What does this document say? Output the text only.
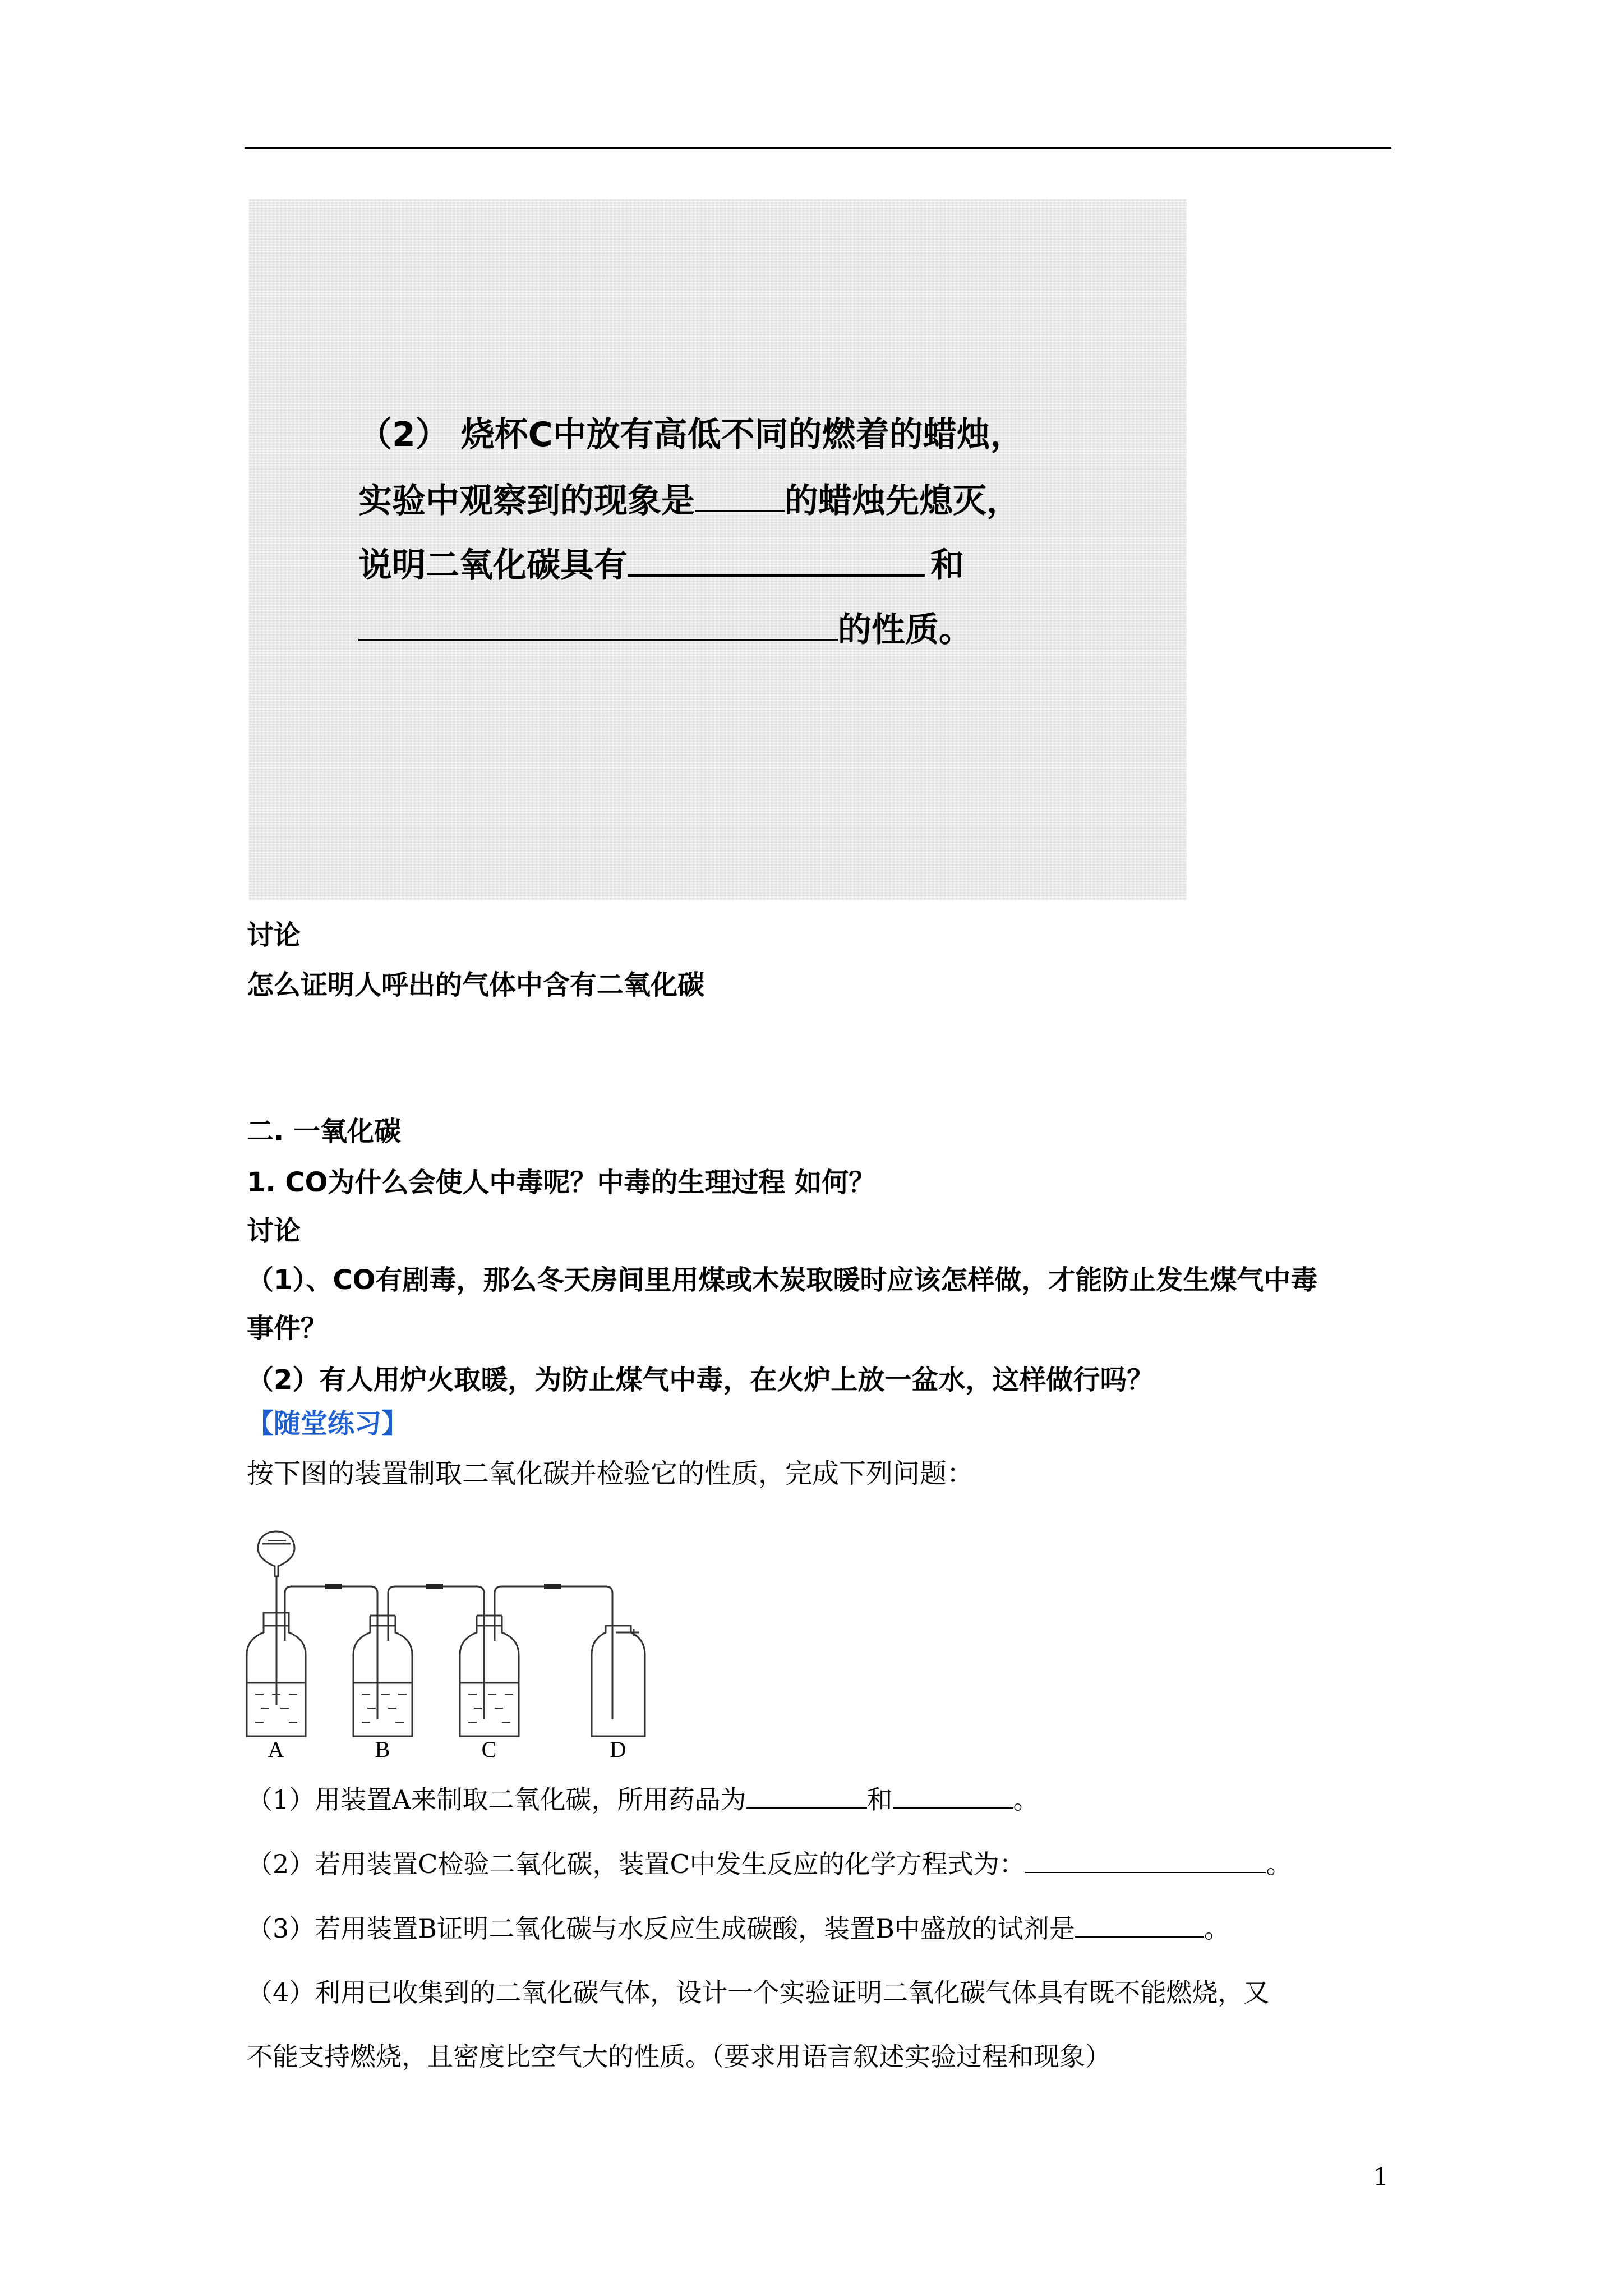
（2） 烧杯C中放有高低不同的燃着的蜡烛，
实验中观察到的现象是	的蜡烛先熄灭，
说明二氧化碳具有	和
的性质。
讨论
怎么证明人呼出的气体中含有二氧化碳
二. 一氧化碳
1. CO为什么会使人中毒呢？中毒的生理过程 如何？
讨论
（1）、CO有剧毒，那么冬天房间里用煤或木炭取暖时应该怎样做，才能防止发生煤气中毒
事件？
（2）有人用炉火取暖，为防止煤气中毒，在火炉上放一盆水，这样做行吗？
【随堂练习】
按下图的装置制取二氧化碳并检验它的性质，完成下列问题：
A	B	C	D
（1）用装置A来制取二氧化碳，所用药品为	和	。
（2）若用装置C检验二氧化碳，装置C中发生反应的化学方程式为：	。
（3）若用装置B证明二氧化碳与水反应生成碳酸，装置B中盛放的试剂是	。
（4）利用已收集到的二氧化碳气体，设计一个实验证明二氧化碳气体具有既不能燃烧，又
不能支持燃烧，且密度比空气大的性质。（要求用语言叙述实验过程和现象）
1
